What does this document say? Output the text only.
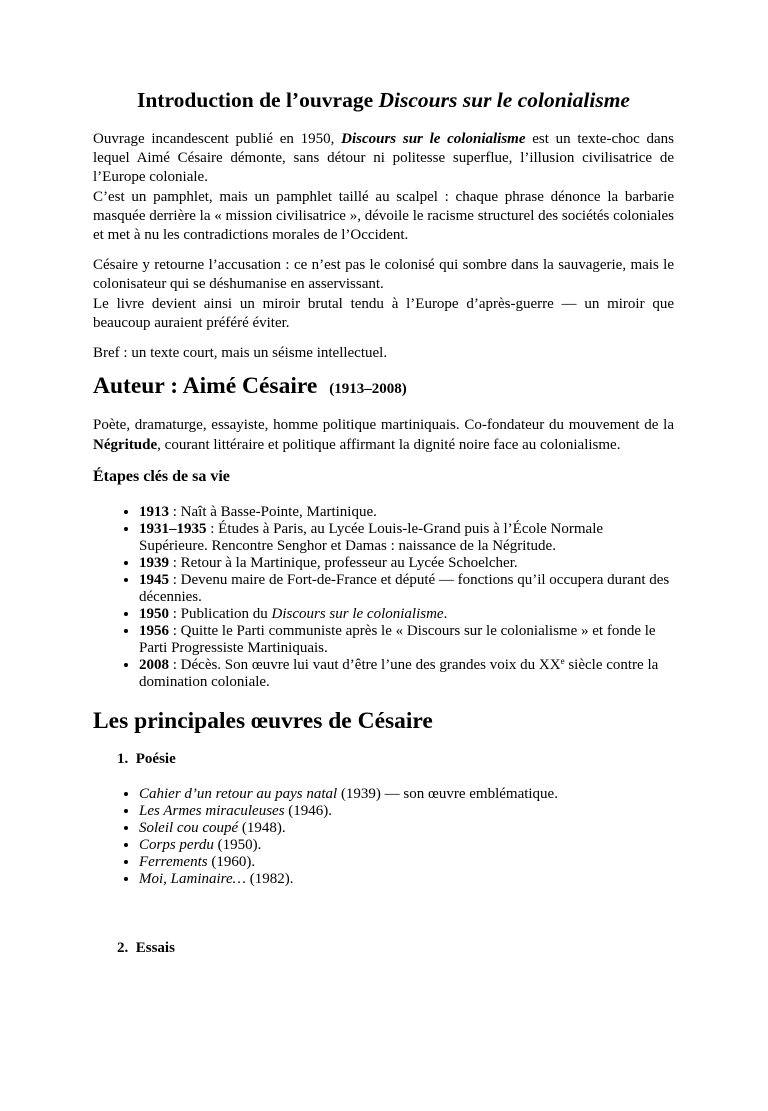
Introduction de l’ouvrage Discours sur le colonialisme

Ouvrage incandescent publié en 1950, Discours sur le colonialisme est un texte-choc dans lequel Aimé Césaire démonte, sans détour ni politesse superflue, l’illusion civilisatrice de l’Europe coloniale.
C’est un pamphlet, mais un pamphlet taillé au scalpel : chaque phrase dénonce la barbarie masquée derrière la « mission civilisatrice », dévoile le racisme structurel des sociétés coloniales et met à nu les contradictions morales de l’Occident.

Césaire y retourne l’accusation : ce n’est pas le colonisé qui sombre dans la sauvagerie, mais le colonisateur qui se déshumanise en asservissant.
Le livre devient ainsi un miroir brutal tendu à l’Europe d’après-guerre — un miroir que beaucoup auraient préféré éviter.

Bref : un texte court, mais un séisme intellectuel.

Auteur : Aimé Césaire (1913–2008)

Poète, dramaturge, essayiste, homme politique martiniquais. Co-fondateur du mouvement de la Négritude, courant littéraire et politique affirmant la dignité noire face au colonialisme.

Étapes clés de sa vie
• 1913 : Naît à Basse-Pointe, Martinique.
• 1931–1935 : Études à Paris, au Lycée Louis-le-Grand puis à l’École Normale Supérieure. Rencontre Senghor et Damas : naissance de la Négritude.
• 1939 : Retour à la Martinique, professeur au Lycée Schoelcher.
• 1945 : Devenu maire de Fort-de-France et député — fonctions qu’il occupera durant des décennies.
• 1950 : Publication du Discours sur le colonialisme.
• 1956 : Quitte le Parti communiste après le « Discours sur le colonialisme » et fonde le Parti Progressiste Martiniquais.
• 2008 : Décès. Son œuvre lui vaut d’être l’une des grandes voix du XXe siècle contre la domination coloniale.
Les principales œuvres de Césaire
1. Poésie
• Cahier d’un retour au pays natal (1939) — son œuvre emblématique.
• Les Armes miraculeuses (1946).
• Soleil cou coupé (1948).
• Corps perdu (1950).
• Ferrements (1960).
• Moi, Laminaire… (1982).
2. Essais
